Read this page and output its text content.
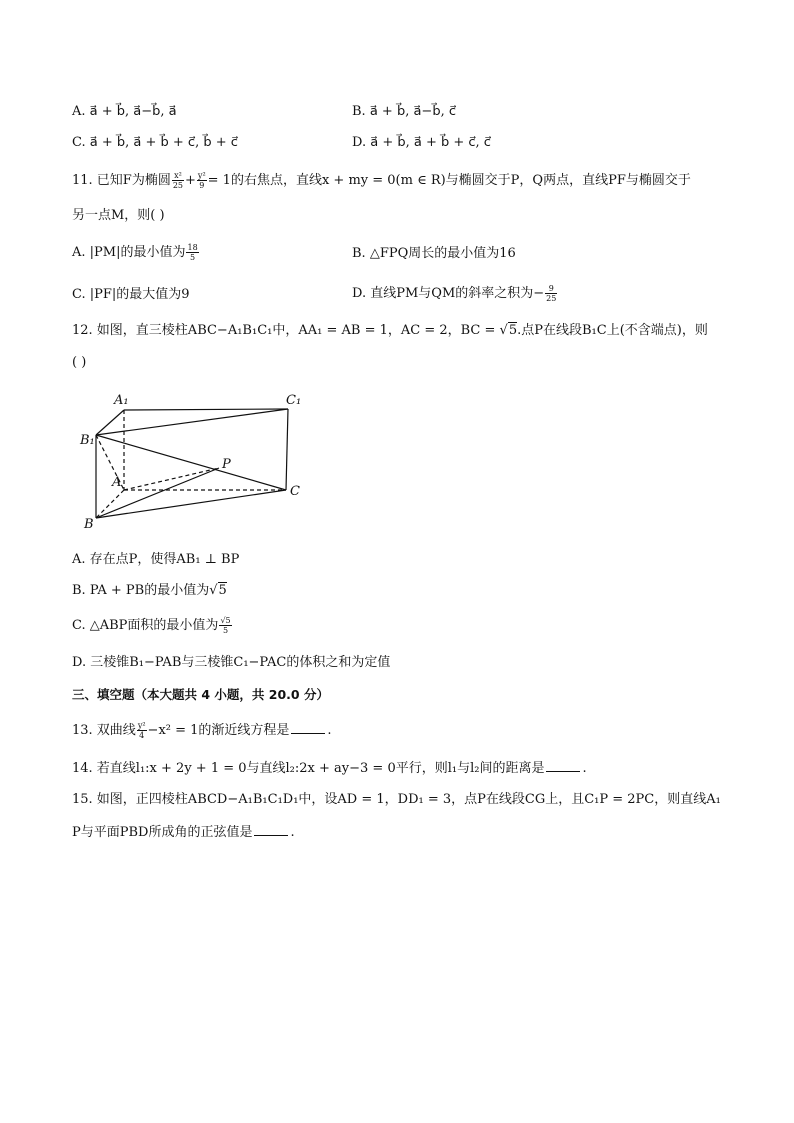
A. a⃗ + b⃗, a⃗−b⃗, a⃗	B. a⃗ + b⃗, a⃗−b⃗, c⃗
C. a⃗ + b⃗, a⃗ + b⃗ + c⃗, b⃗ + c⃗	D. a⃗ + b⃗, a⃗ + b⃗ + c⃗, c⃗
11. 已知F为椭圆 $\frac{\text{x²}}{25} + \frac{\text{y²}}{9} = 1$的右焦点，直线x + my = 0(m ∈ R)与椭圆交于P，Q两点，直线PF与椭圆交于
另一点M，则( )
A. |PM|的最小值为 $\frac{18}{5}$	B. △FPQ周长的最小值为16
C. |PF|的最大值为9	D. 直线PM与QM的斜率之积为− $\frac{9}{25}$
12. 如图，直三棱柱ABC−A₁B₁C₁中，AA₁ = AB = 1，AC = 2，BC = √5.点P在线段B₁C上(不含端点)，则
( )
A₁	C₁
B₁
P
A
C
B
A. 存在点P，使得AB₁ ⊥ BP
B. PA + PB的最小值为√5
C. △ABP面积的最小值为 $\frac{√5}{5}$
D. 三棱锥B₁−PAB与三棱锥C₁−PAC的体积之和为定值
三、填空题（本大题共 4 小题，共 20.0 分）
13. 双曲线 $\frac{\text{y²}}{4} -x^2 = 1$的渐近线方程是	.
14. 若直线l₁:x + 2y + 1 = 0与直线l₂:2x + ay−3 = 0平行，则l₁与l₂间的距离是	.
15. 如图，正四棱柱ABCD−A₁B₁C₁D₁中，设AD = 1，DD₁ = 3，点P在线段CG上，且C₁P = 2PC，则直线A₁
P与平面PBD所成角的正弦值是	.
